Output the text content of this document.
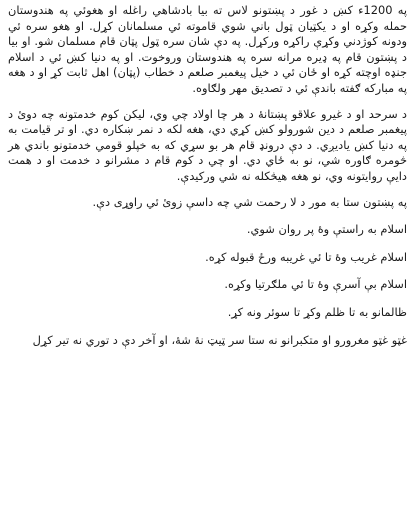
په 1200ء کښ د غور د پښتونو لاس ته بیا بادشاهي راغله او هغوئي په هندوستان حمله وکړه او د یکټیان ټول باني شوي قاموته ئي مسلمانان کړل. او هغو سره ئي ودونه کوژدني وکړې راکړه ورکړل. په دې شان سره ټول پټان قام مسلمان شو. او بیا د پښتون قام په ډیره مرانه سره په هندوستان وروخوت. او په دنیا کښ ئي د اسلام جنډه اوچته کړه او ځان ئي د خیل پیغمبر صلعم د خطاب (پټان) اهل ثابت کړ او د هغه په مبارکه ګفته باندې ئي د تصدیق مهر ولګاوه.

د سرحد او د غیرو علاقو پښتانهٔ د هر چا اولاد چي وي، لیکن کوم خدمتونه چه دوئ د پیغمبر صلعم د دین شورولو کښ کړي دي، هغه لکه د نمر ښکاره دي. او تر قیامت به په دنیا کښ یادیږي. د دې درونډ قام هر بو سړي که به خپلو قومي خدمتونو باندي هر څومره ګاوره شي، نو به ځاي دي. او چي د کوم قام د مشرانو د خدمت او د همت دایې روایتونه وي، نو هغه هیڅکله نه شي ورکیدې.

په پښتون ستا به مور د لا رحمت شي چه داسې زوئ ئي راوړی دې.

اسلام به راستې وهٔ پر روان شوي.

اسلام غریب وهٔ تا ئي غریبه ورځ قبوله کړه.

اسلام بې آسرې وهٔ تا ئي ملګرتیا وکړه.

ظالمانو به تا ظلم وکړ تا سوئر ونه کړ.

غټو غټو مغرورو او متکبرانو نه ستا سر ټیټ نهٔ شهٔ، او آخر دې د توري نه تیر کړل
